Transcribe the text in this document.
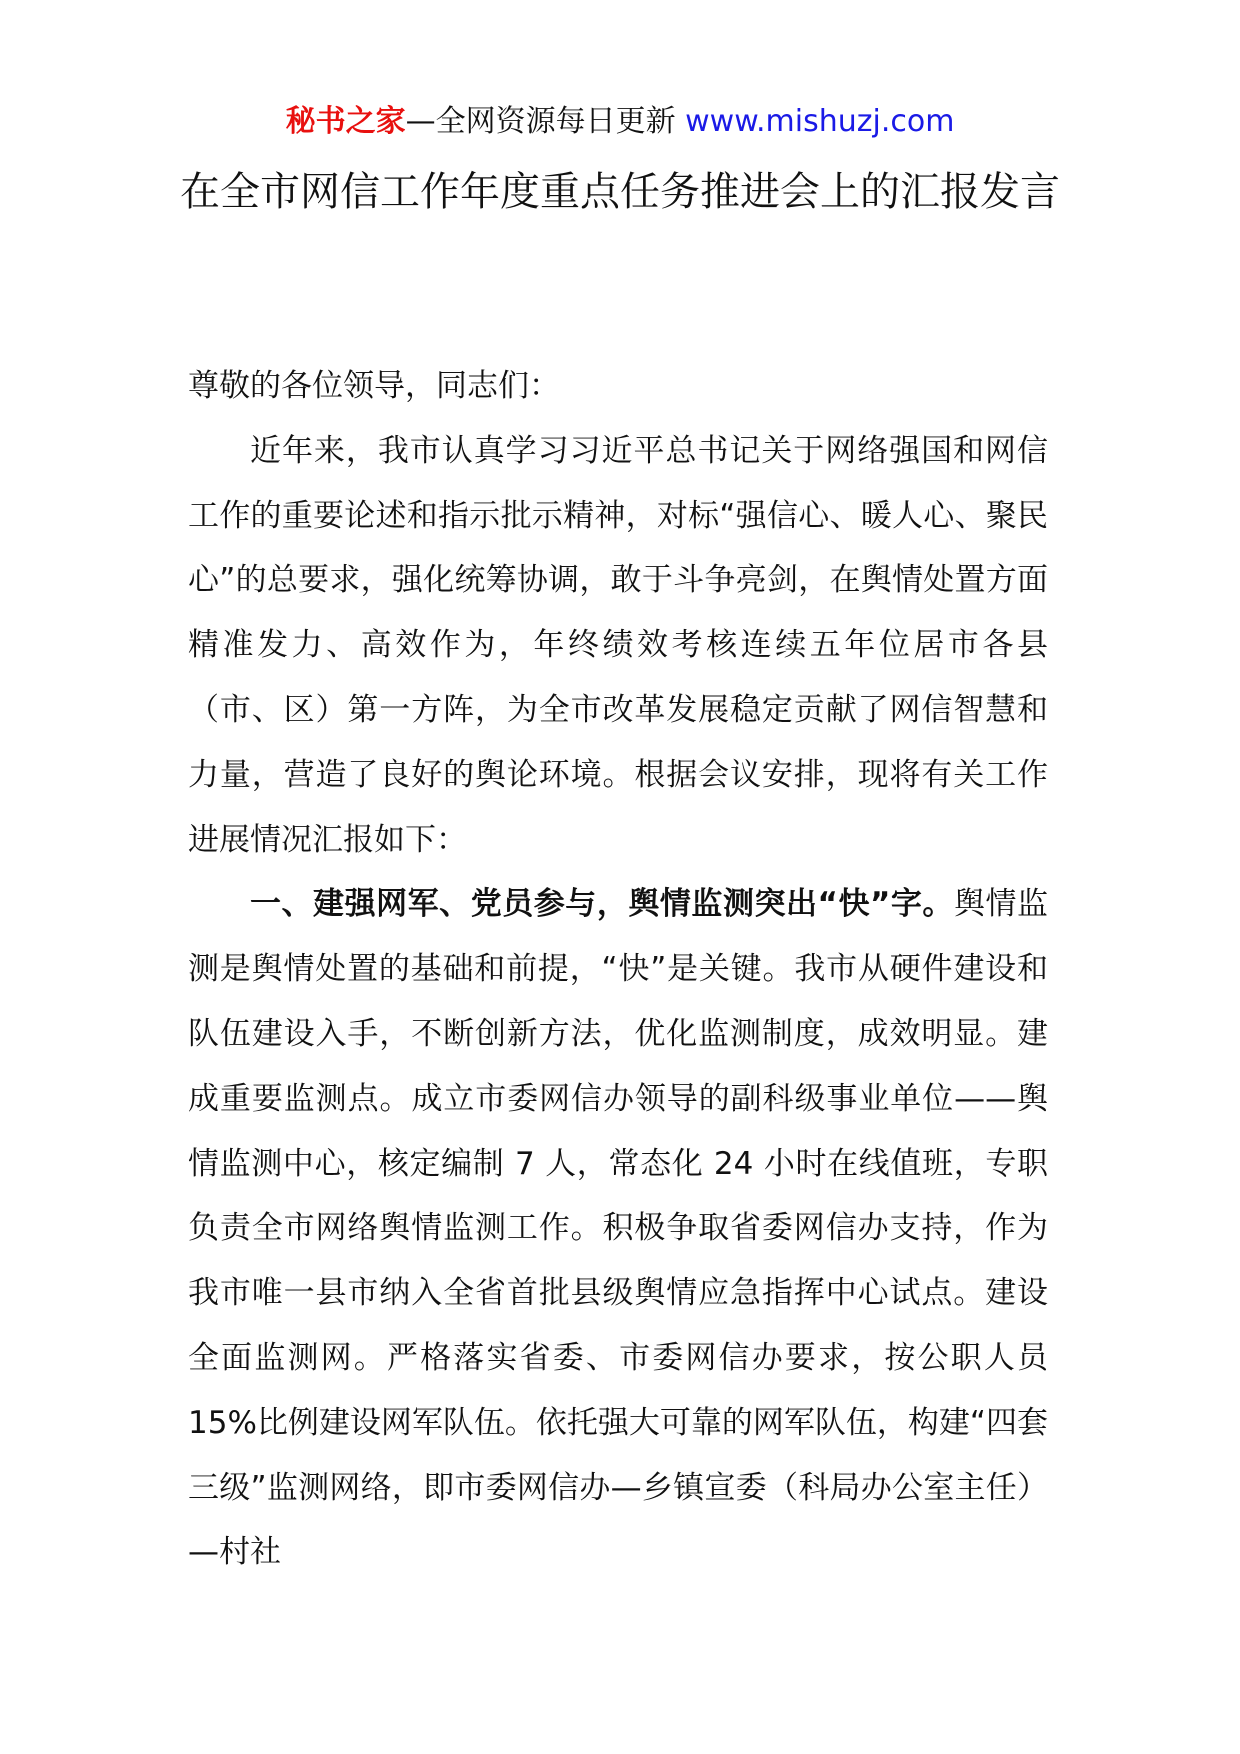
秘书之家—全网资源每日更新 www.mishuzj.com
在全市网信工作年度重点任务推进会上的汇报发言

尊敬的各位领导，同志们：

近年来，我市认真学习习近平总书记关于网络强国和网信工作的重要论述和指示批示精神，对标“强信心、暖人心、聚民心”的总要求，强化统筹协调，敢于斗争亮剑，在舆情处置方面精准发力、高效作为，年终绩效考核连续五年位居市各县（市、区）第一方阵，为全市改革发展稳定贡献了网信智慧和力量，营造了良好的舆论环境。根据会议安排，现将有关工作进展情况汇报如下：

一、建强网军、党员参与，舆情监测突出“快”字。舆情监测是舆情处置的基础和前提，“快”是关键。我市从硬件建设和队伍建设入手，不断创新方法，优化监测制度，成效明显。建成重要监测点。成立市委网信办领导的副科级事业单位——舆情监测中心，核定编制 7 人，常态化 24 小时在线值班，专职负责全市网络舆情监测工作。积极争取省委网信办支持，作为我市唯一县市纳入全省首批县级舆情应急指挥中心试点。建设全面监测网。严格落实省委、市委网信办要求，按公职人员 15%比例建设网军队伍。依托强大可靠的网军队伍，构建“四套三级”监测网络，即市委网信办—乡镇宣委（科局办公室主任）—村社
